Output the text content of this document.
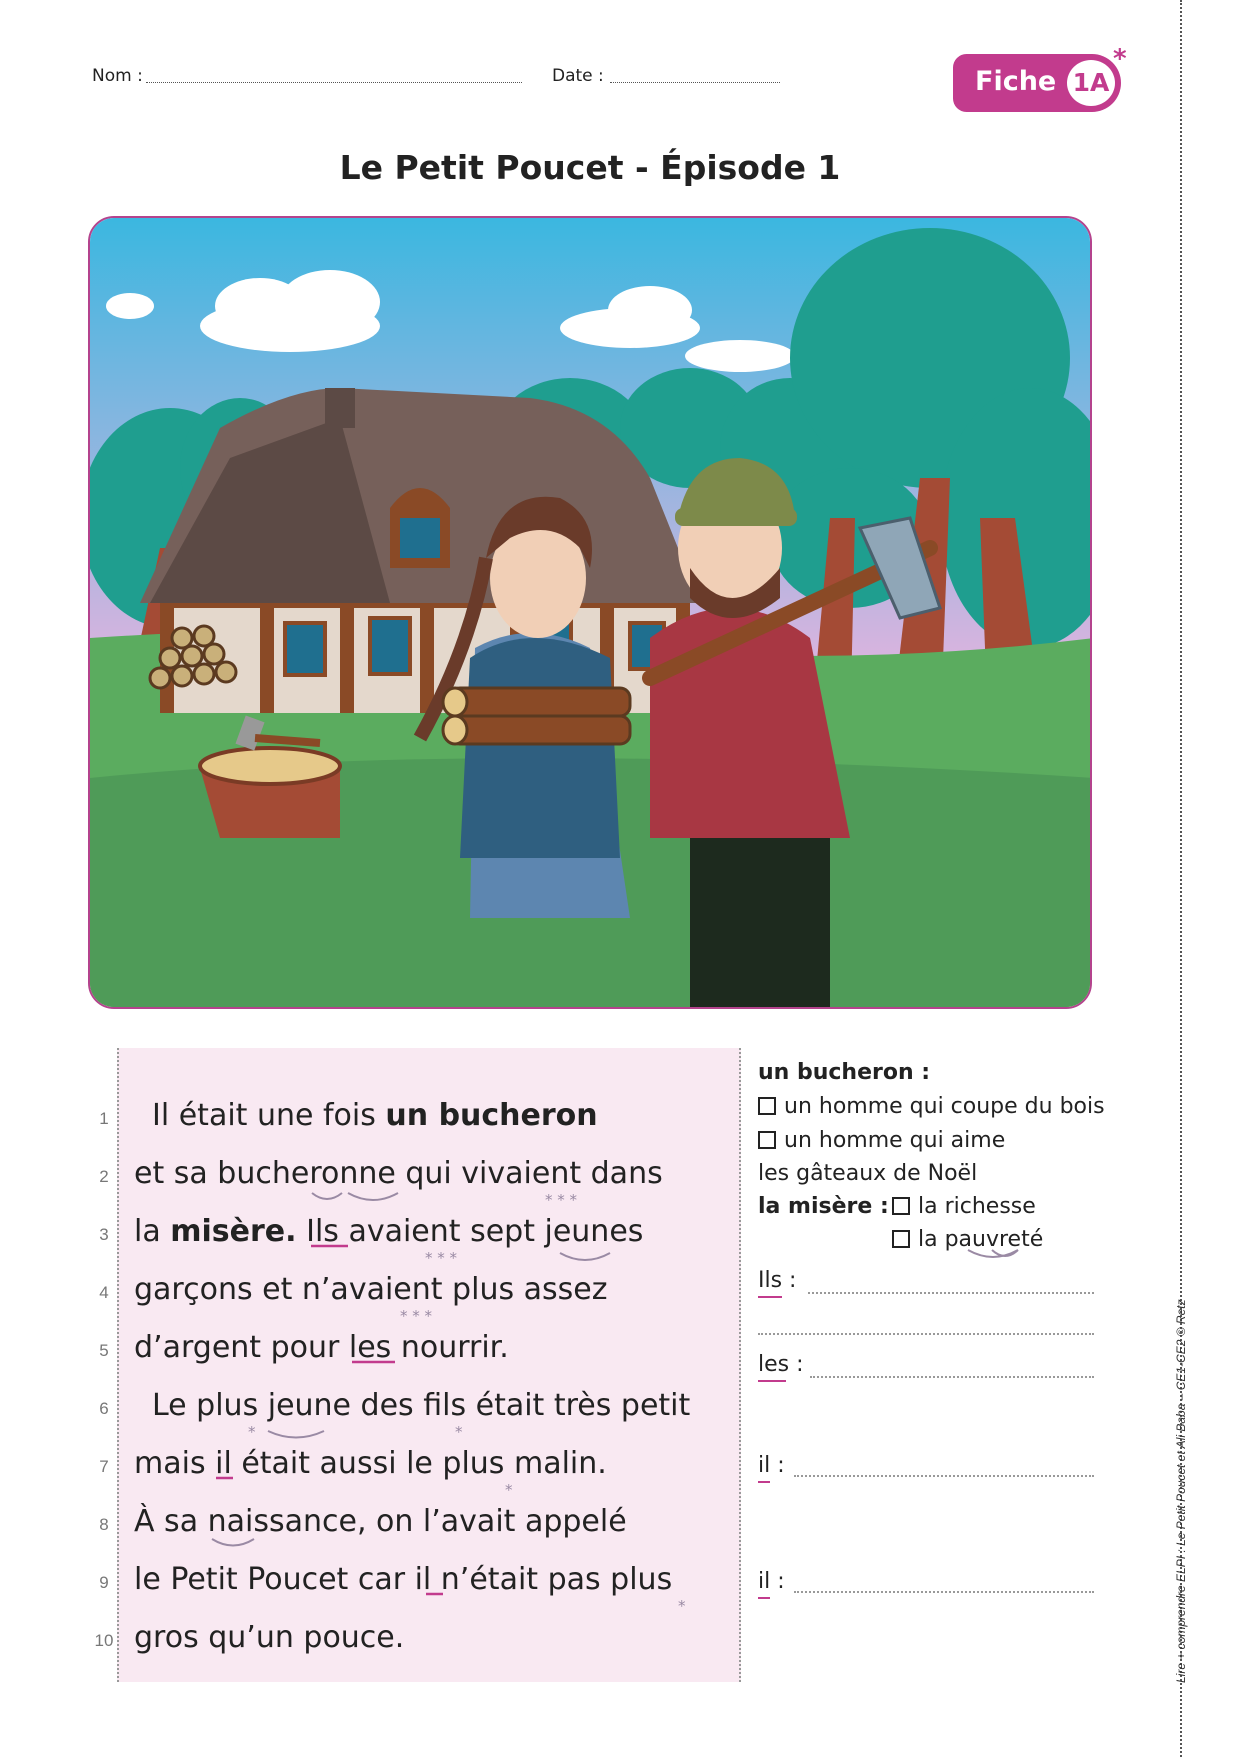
Nom :	Date :	Fiche 1A
*
Le Petit Poucet - Épisode 1
1	Il était une fois un bucheron
2 et sa bucheronne qui vivaient dans
3 la misère. Ils avaient sept jeunes
4 garçons et n’avaient plus assez
5 d’argent pour les nourrir.
6	Le plus jeune des fils était très petit
7 mais il était aussi le plus malin.
8 À sa naissance, on l’avait appelé
9 le Petit Poucet car il n’était pas plus
10 gros qu’un pouce.
* * *
* * *
* * *
*	*
*
*
un bucheron :
un homme qui coupe du bois
un homme qui aime
les gâteaux de Noël
la misère :	la richesse
la pauvreté
Ils :
les :
il :
il :	Lire + comprendre ELPI : Le Petit Poucet et Ali Baba – CE1-CE2 © Retz
